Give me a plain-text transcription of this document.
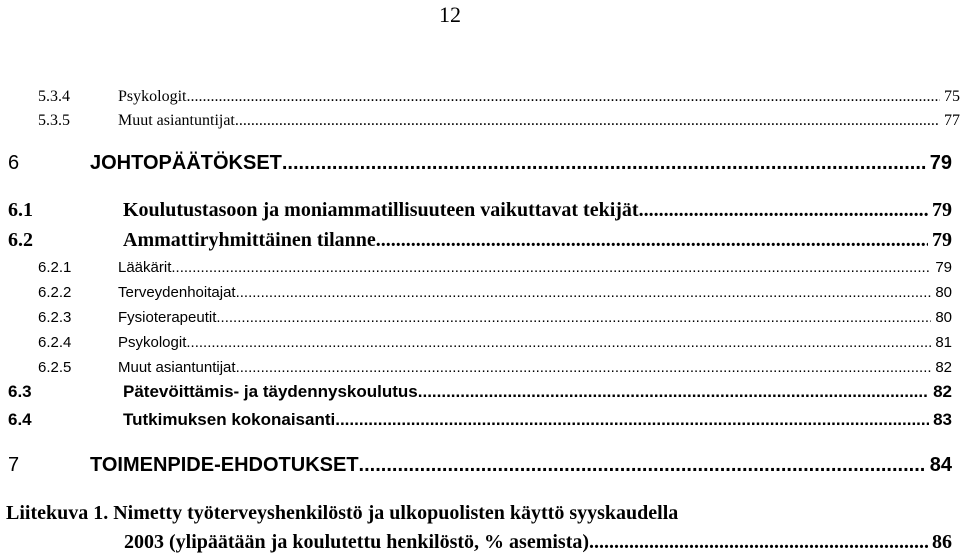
12
5.3.4	Psykologit .....	75
5.3.5	Muut asiantuntijat .....	77
6	JOHTOPÄÄTÖKSET .....	79
6.1	Koulutustasoon ja moniammatillisuuteen vaikuttavat tekijät .....	79
6.2	Ammattiryhmittäinen tilanne .....	79
6.2.1	Lääkärit .....	79
6.2.2	Terveydenhoitajat .....	80
6.2.3	Fysioterapeutit .....	80
6.2.4	Psykologit .....	81
6.2.5	Muut asiantuntijat .....	82
6.3	Pätevöittämis- ja täydennyskoulutus .....	82
6.4	Tutkimuksen kokonaisanti .....	83
7	TOIMENPIDE-EHDOTUKSET .....	84
Liitekuva 1. Nimetty työterveyshenkilöstö ja ulkopuolisten käyttö syyskaudella
2003 (ylipäätään ja koulutettu henkilöstö, % asemista). .....	86
